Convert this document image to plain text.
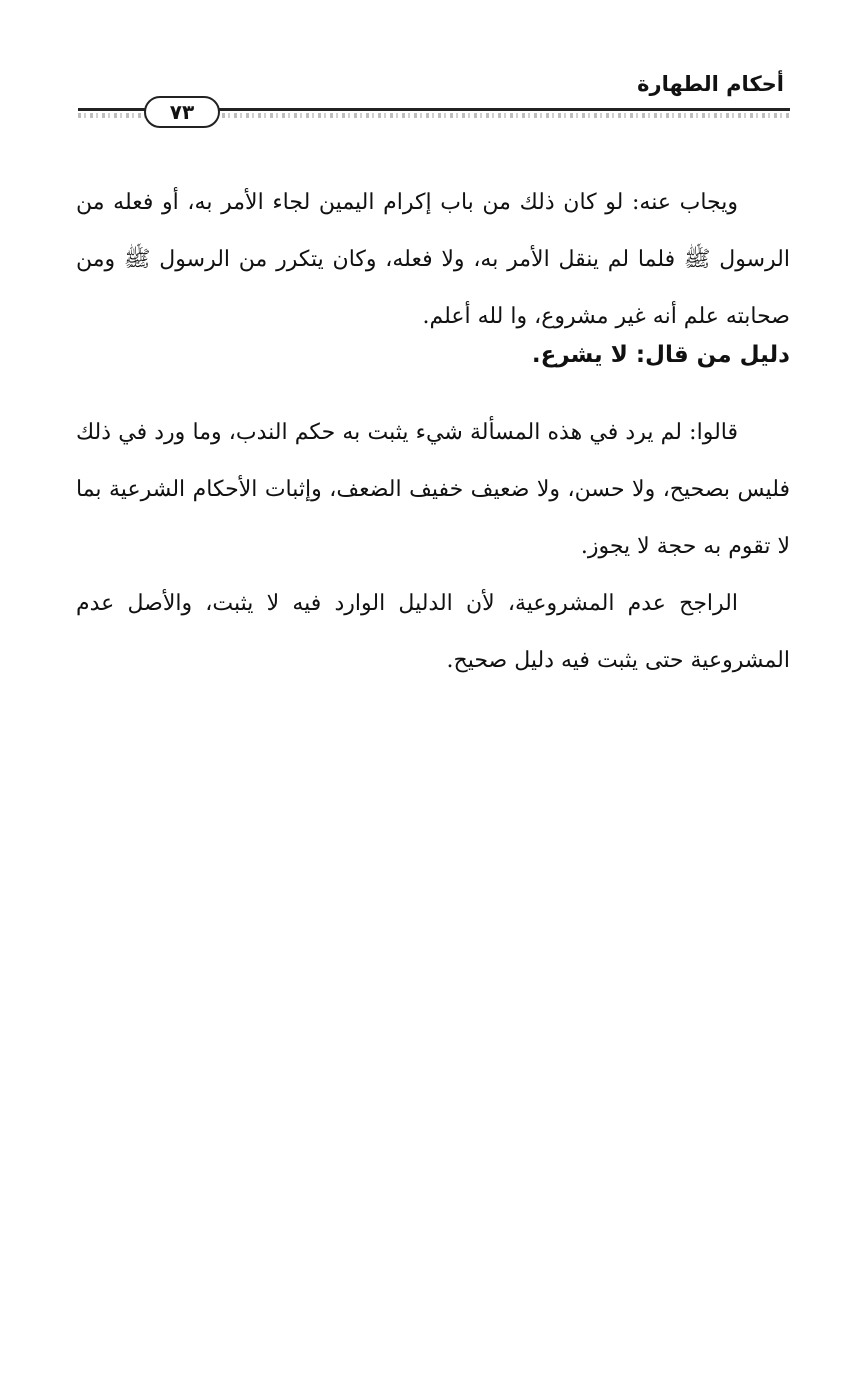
أحكام الطهارة
٧٣

ويجاب عنه: لو كان ذلك من باب إكرام اليمين لجاء الأمر به، أو فعله من الرسول ﷺ فلما لم ينقل الأمر به، ولا فعله، وكان يتكرر من الرسول ﷺ ومن صحابته علم أنه غير مشروع، وا لله أعلم.

دليل من قال: لا يشرع.

قالوا: لم يرد في هذه المسألة شيء يثبت به حكم الندب، وما ورد في ذلك فليس بصحيح، ولا حسن، ولا ضعيف خفيف الضعف، وإثبات الأحكام الشرعية بما لا تقوم به حجة لا يجوز.

الراجح عدم المشروعية، لأن الدليل الوارد فيه لا يثبت، والأصل عدم المشروعية حتى يثبت فيه دليل صحيح.
